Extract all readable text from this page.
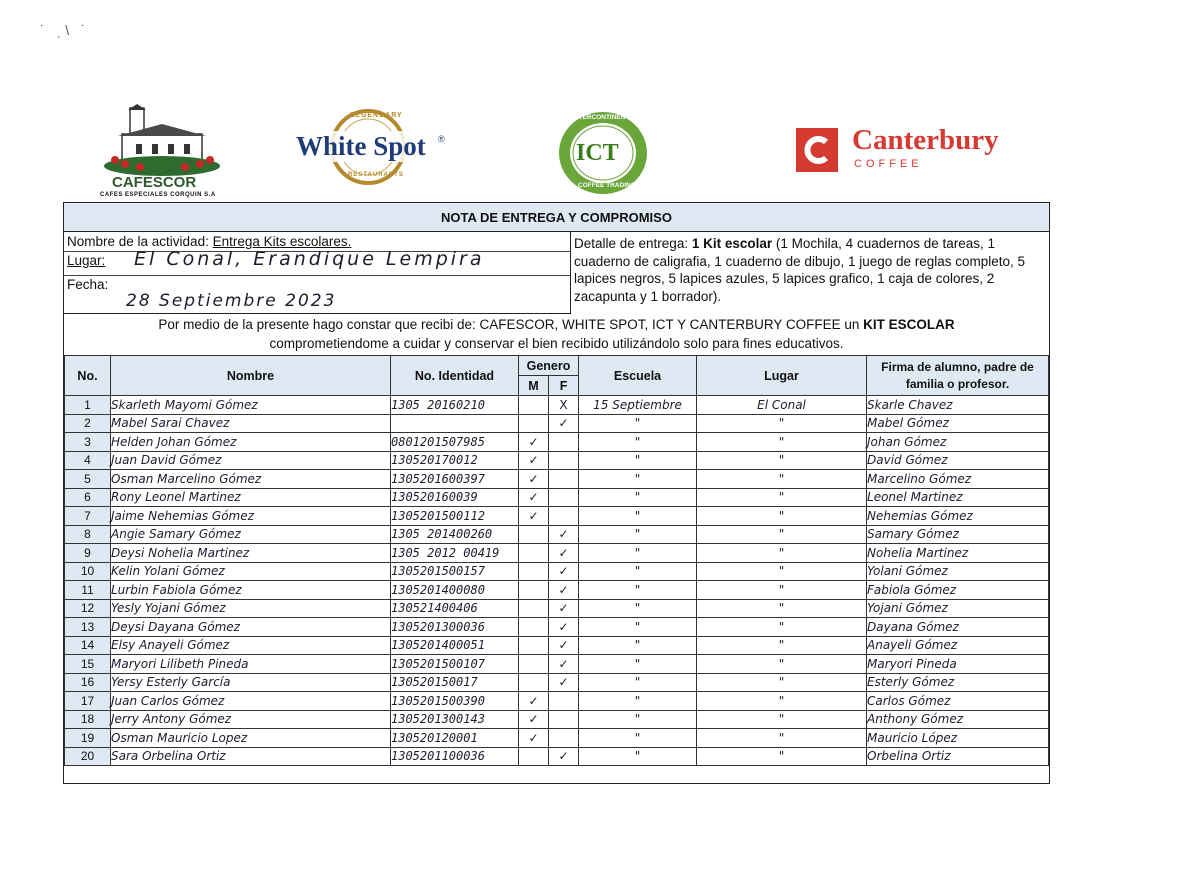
˙ ˌ\ ˙
CAFESCOR
CAFES ESPECIALES CORQUIN S.A
LEGENDARY
White Spot ®
RESTAURANTS
INTERCONTINENTAL
ICT
COFFEE TRADING
Canterbury
COFFEE
NOTA DE ENTREGA Y COMPROMISO
Nombre de la actividad: Entrega Kits escolares.
Lugar: El Conal, Erandique Lempira
Fecha:
28 Septiembre 2023
Detalle de entrega: 1 Kit escolar (1 Mochila, 4 cuadernos de tareas, 1 cuaderno de caligrafia, 1 cuaderno de dibujo, 1 juego de reglas completo, 5 lapices negros, 5 lapices azules, 5 lapices grafico, 1 caja de colores, 2 zacapunta y 1 borrador).
Por medio de la presente hago constar que recibi de: CAFESCOR, WHITE SPOT, ICT Y CANTERBURY COFFEE un KIT ESCOLAR
comprometiendome a cuidar y conservar el bien recibido utilizándolo solo para fines educativos.
No.	Nombre	No. Identidad	Genero		Escuela	Lugar	Firma de alumno, padre de familia o profesor.
			M	F			
1	Skarleth Mayomi Gómez	1305 20160210		X	15 Septiembre	El Conal	Skarle Chavez
2	Mabel Sarai Chavez			✓	"	"	Mabel Gómez
3	Helden Johan Gómez	0801201507985	✓		"	"	Johan Gómez
4	Juan David Gómez	130520170012	✓		"	"	David Gómez
5	Osman Marcelino Gómez	1305201600397	✓		"	"	Marcelino Gómez
6	Rony Leonel Martinez	130520160039	✓		"	"	Leonel Martinez
7	Jaime Nehemias Gómez	1305201500112	✓		"	"	Nehemias Gómez
8	Angie Samary Gómez	1305 201400260		✓	"	"	Samary Gómez
9	Deysi Nohelia Martinez	1305 2012 00419		✓	"	"	Nohelia Martinez
10	Kelin Yolani Gómez	1305201500157		✓	"	"	Yolani Gómez
11	Lurbin Fabiola Gómez	1305201400080		✓	"	"	Fabiola Gómez
12	Yesly Yojani Gómez	130521400406		✓	"	"	Yojani Gómez
13	Deysi Dayana Gómez	1305201300036		✓	"	"	Dayana Gómez
14	Elsy Anayeli Gómez	1305201400051		✓	"	"	Anayeli Gómez
15	Maryori Lilibeth Pineda	1305201500107		✓	"	"	Maryori Pineda
16	Yersy Esterly García	130520150017		✓	"	"	Esterly Gómez
17	Juan Carlos Gómez	1305201500390	✓		"	"	Carlos Gómez
18	Jerry Antony Gómez	1305201300143	✓		"	"	Anthony Gómez
19	Osman Mauricio Lopez	130520120001	✓		"	"	Mauricio López
20	Sara Orbelina Ortiz	1305201100036		✓	"	"	Orbelina Ortiz
